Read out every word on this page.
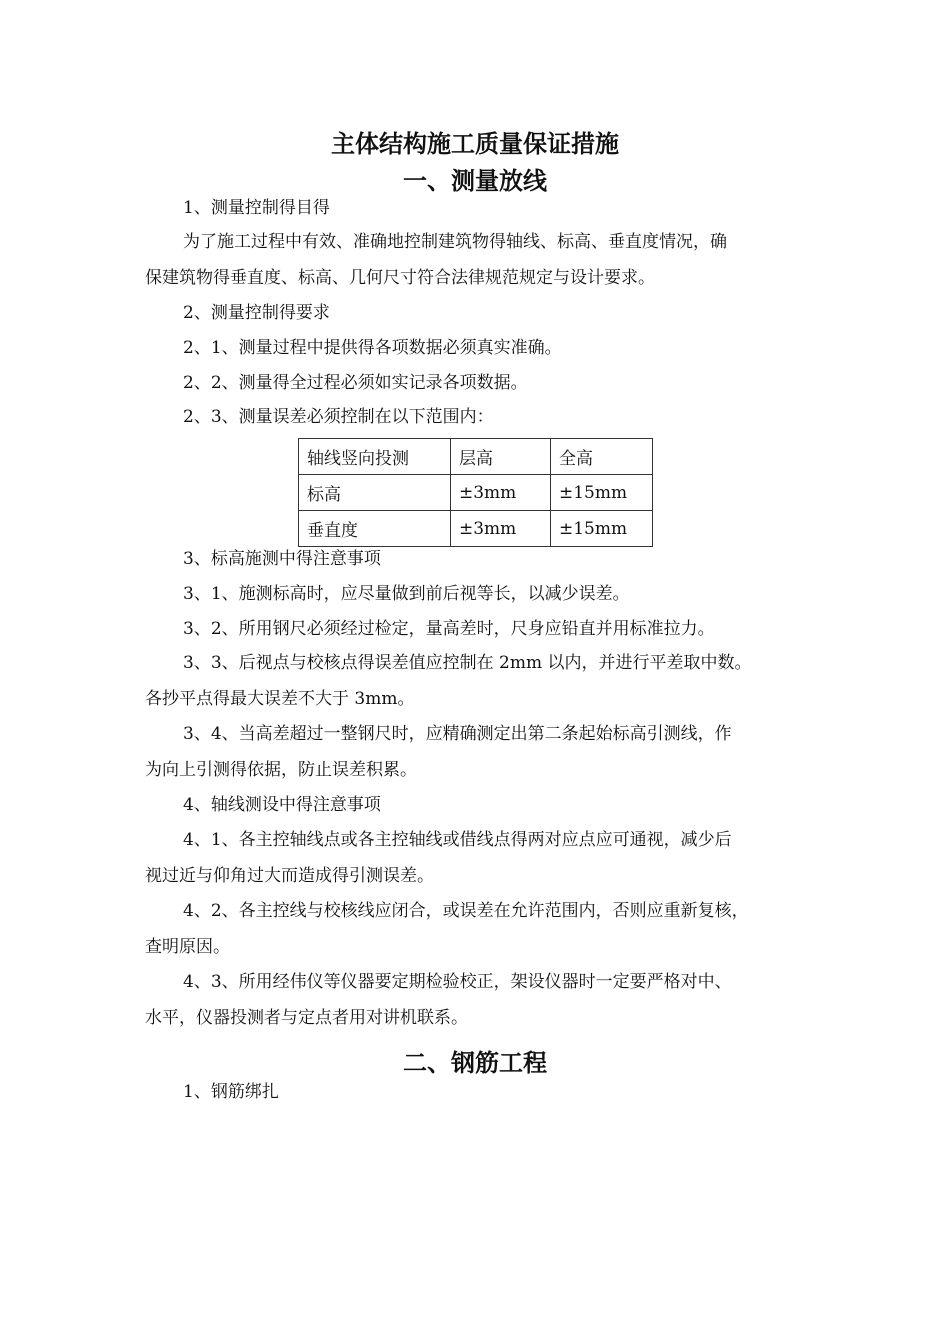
主体结构施工质量保证措施
一、测量放线
1、测量控制得目得
为了施工过程中有效、准确地控制建筑物得轴线、标高、垂直度情况，确
保建筑物得垂直度、标高、几何尺寸符合法律规范规定与设计要求。
2、测量控制得要求
2、1、测量过程中提供得各项数据必须真实准确。
2、2、测量得全过程必须如实记录各项数据。
2、3、测量误差必须控制在以下范围内：
轴线竖向投测	层高	全高
标高	±3mm	±15mm
垂直度	±3mm	±15mm
3、标高施测中得注意事项
3、1、施测标高时，应尽量做到前后视等长，以减少误差。
3、2、所用钢尺必须经过检定，量高差时，尺身应铅直并用标准拉力。
3、3、后视点与校核点得误差值应控制在 2mm 以内，并进行平差取中数。
各抄平点得最大误差不大于 3mm。
3、4、当高差超过一整钢尺时，应精确测定出第二条起始标高引测线，作
为向上引测得依据，防止误差积累。
4、轴线测设中得注意事项
4、1、各主控轴线点或各主控轴线或借线点得两对应点应可通视，减少后
视过近与仰角过大而造成得引测误差。
4、2、各主控线与校核线应闭合，或误差在允许范围内，否则应重新复核，
查明原因。
4、3、所用经伟仪等仪器要定期检验校正，架设仪器时一定要严格对中、
水平，仪器投测者与定点者用对讲机联系。
二、钢筋工程
1、钢筋绑扎
